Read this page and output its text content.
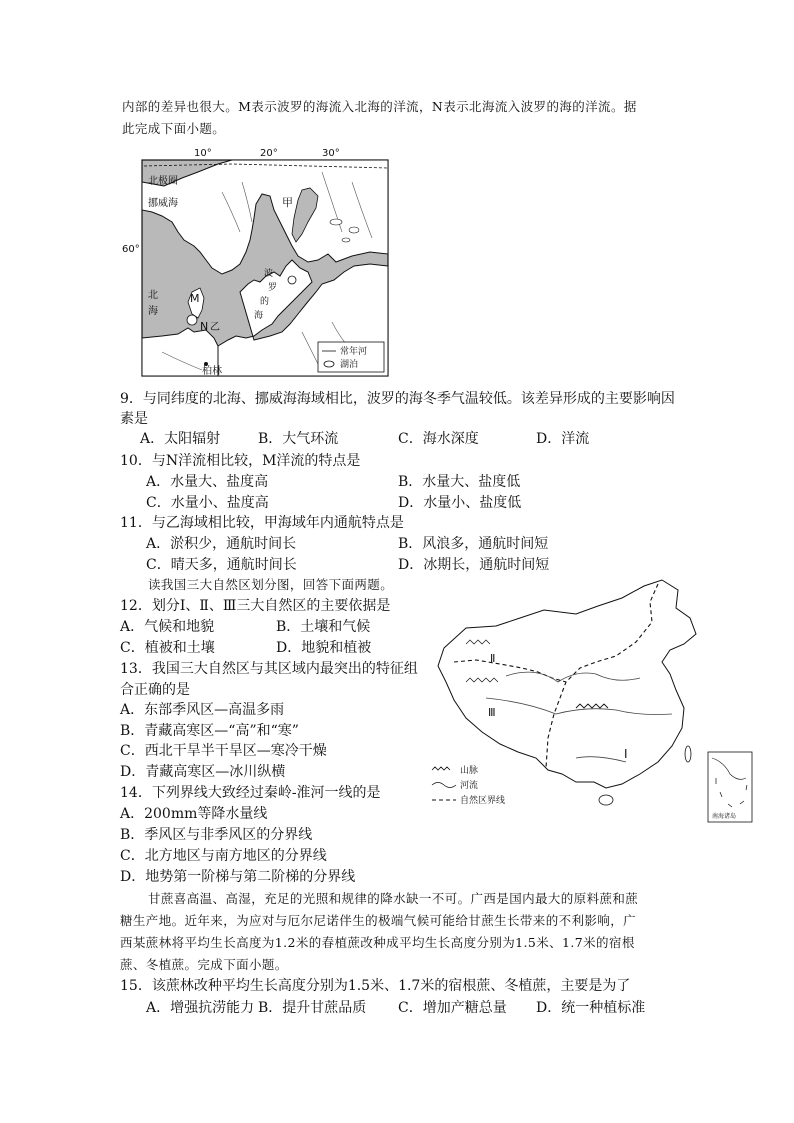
内部的差异也很大。M表示波罗的海流入北海的洋流，N表示北海流入波罗的海的洋流。据
此完成下面小题。
10°	20°	30°
60°
北极圈
挪威海
北
海
甲
M
N 乙
波
罗
的
海
柏林
常年河
湖泊
9．与同纬度的北海、挪威海海域相比，波罗的海冬季气温较低。该差异形成的主要影响因
素是
A．太阳辐射	B．大气环流	C．海水深度	D．洋流
10．与N洋流相比较，M洋流的特点是
A．水量大、盐度高	B．水量大、盐度低
C．水量小、盐度高	D．水量小、盐度低
11．与乙海域相比较，甲海域年内通航特点是
A．淤积少，通航时间长	B．风浪多，通航时间短
C．晴天多，通航时间长	D．冰期长，通航时间短
读我国三大自然区划分图，回答下面两题。
12．划分Ⅰ、Ⅱ、Ⅲ三大自然区的主要依据是
A．气候和地貌	B．土壤和气候
C．植被和土壤	D．地貌和植被
13．我国三大自然区与其区域内最突出的特征组
合正确的是
A．东部季风区—高温多雨
B．青藏高寒区—“高”和“寒”
C．西北干旱半干旱区—寒冷干燥
D．青藏高寒区—冰川纵横
14．下列界线大致经过秦岭-淮河一线的是
A．200mm等降水量线
B．季风区与非季风区的分界线
C．北方地区与南方地区的分界线
D．地势第一阶梯与第二阶梯的分界线
Ⅰ
Ⅱ
Ⅲ
山脉
河流
自然区界线
南海诸岛
甘蔗喜高温、高湿，充足的光照和规律的降水缺一不可。广西是国内最大的原料蔗和蔗
糖生产地。近年来，为应对与厄尔尼诺伴生的极端气候可能给甘蔗生长带来的不利影响，广
西某蔗林将平均生长高度为1.2米的春植蔗改种成平均生长高度分别为1.5米、1.7米的宿根
蔗、冬植蔗。完成下面小题。
15．该蔗林改种平均生长高度分别为1.5米、1.7米的宿根蔗、冬植蔗，主要是为了
A．增强抗涝能力 B．提升甘蔗品质 C．增加产糖总量 D．统一种植标准
